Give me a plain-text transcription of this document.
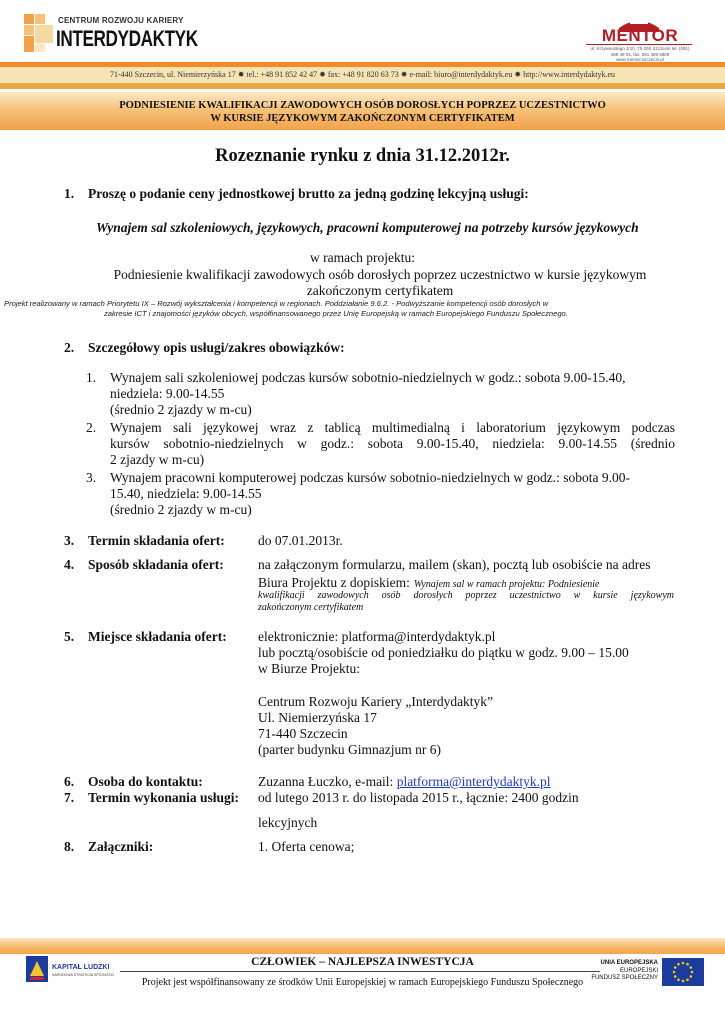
CENTRUM ROZWOJU KARIERY
INTERDYDAKTYK	MENTOR
ul. Krzywoustego 2/10, 70-250 Szczecin tel. (091) 489 49 01, fax: 091 489 4900 www.mentor.szczecin.pl
71-440 Szczecin, ul. Niemierzyńska 17 ✹ tel.: +48 91 852 42 47 ✹ fax: +48 91 820 63 73 ✹ e-mail: biuro@interdydaktyk.eu ✹ http://www.interdydaktyk.eu
PODNIESIENIE KWALIFIKACJI ZAWODOWYCH OSÓB DOROSŁYCH POPRZEZ UCZESTNICTWO
W KURSIE JĘZYKOWYM ZAKOŃCZONYM CERTYFIKATEM
Rozeznanie rynku z dnia 31.12.2012r.
1. Proszę o podanie ceny jednostkowej brutto za jedną godzinę lekcyjną usługi:
Wynajem sal szkoleniowych, językowych, pracowni komputerowej na potrzeby kursów językowych
w ramach projektu:
Podniesienie kwalifikacji zawodowych osób dorosłych poprzez uczestnictwo w kursie językowym
zakończonym certyfikatem
Projekt realizowany w ramach Priorytetu IX – Rozwój wykształcenia i kompetencji w regionach. Poddziałanie 9.6.2. - Podwyższanie kompetencji osób dorosłych w
zakresie ICT i znajomości języków obcych, współfinansowanego przez Unię Europejską w ramach Europejskiego Funduszu Społecznego.
2. Szczegółowy opis usługi/zakres obowiązków:
1. Wynajem sali szkoleniowej podczas kursów sobotnio-niedzielnych w godz.: sobota 9.00-15.40,
niedziela: 9.00-14.55
(średnio 2 zjazdy w m-cu)
2. Wynajem sali językowej wraz z tablicą multimedialną i laboratorium językowym podczas
kursów sobotnio-niedzielnych w godz.: sobota 9.00-15.40, niedziela: 9.00-14.55 (średnio
2 zjazdy w m-cu)
3. Wynajem pracowni komputerowej podczas kursów sobotnio-niedzielnych w godz.: sobota 9.00-
15.40, niedziela: 9.00-14.55
(średnio 2 zjazdy w m-cu)
3. Termin składania ofert: do 07.01.2013r.
4. Sposób składania ofert:	na załączonym formularzu, mailem (skan), pocztą lub osobiście na adres
Biura Projektu z dopiskiem: Wynajem sal w ramach projektu: Podniesienie
kwalifikacji zawodowych osób dorosłych poprzez uczestnictwo w kursie językowym
zakończonym certyfikatem
5. Miejsce składania ofert: elektronicznie: platforma@interdydaktyk.pl
lub pocztą/osobiście od poniedziałku do piątku w godz. 9.00 – 15.00
w Biurze Projektu:
Centrum Rozwoju Kariery „Interdydaktyk”
Ul. Niemierzyńska 17
71-440 Szczecin
(parter budynku Gimnazjum nr 6)
6. Osoba do kontaktu:	Zuzanna Łuczko, e-mail: platforma@interdydaktyk.pl
7. Termin wykonania usługi: od lutego 2013 r. do listopada 2015 r., łącznie: 2400 godzin
lekcyjnych
8. Załączniki:	1. Oferta cenowa;
KAPITAŁ LUDZKI
NARODOWA STRATEGIA SPÓJNOŚCI
CZŁOWIEK – NAJLEPSZA INWESTYCJA
Projekt jest współfinansowany ze środków Unii Europejskiej w ramach Europejskiego Funduszu Społecznego
UNIA EUROPEJSKA
EUROPEJSKI
FUNDUSZ SPOŁECZNY
